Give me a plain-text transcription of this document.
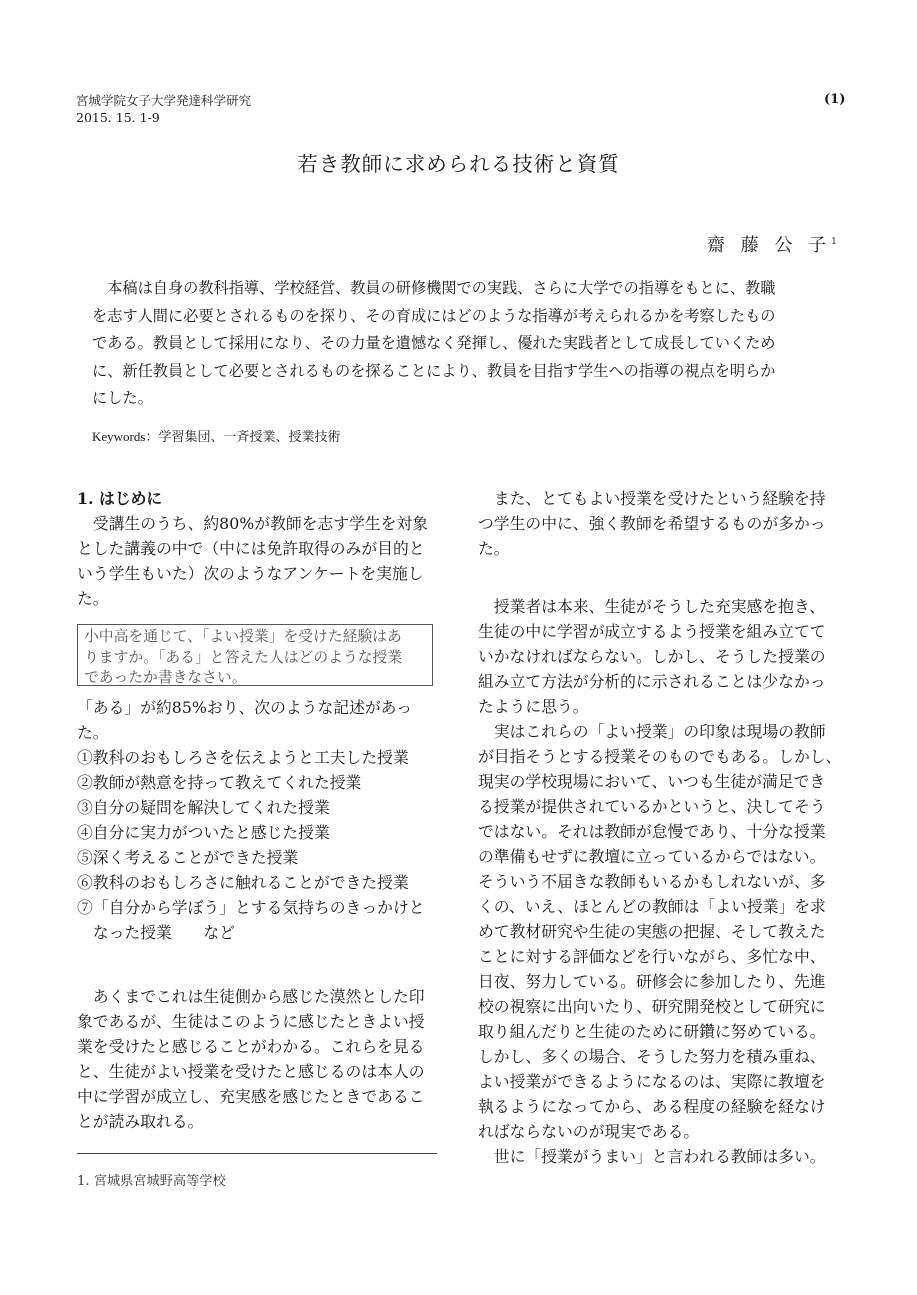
宮城学院女子大学発達科学研究
2015. 15. 1-9
(1)
若き教師に求められる技術と資質
齋 藤 公 子$^1$
　本稿は自身の教科指導、学校経営、教員の研修機関での実践、さらに大学での指導をもとに、教職
を志す人間に必要とされるものを探り、その育成にはどのような指導が考えられるかを考察したもの
である。教員として採用になり、その力量を遺憾なく発揮し、優れた実践者として成長していくため
に、新任教員として必要とされるものを探ることにより、教員を目指す学生への指導の視点を明らか
にした。
Keywords：学習集団、一斉授業、授業技術
1. はじめに
　受講生のうち、約80%が教師を志す学生を対象
とした講義の中で（中には免許取得のみが目的と
いう学生もいた）次のようなアンケートを実施し
た。
小中高を通じて、「よい授業」を受けた経験はあ
りますか。「ある」と答えた人はどのような授業
であったか書きなさい。
「ある」が約85%おり、次のような記述があっ
た。
①教科のおもしろさを伝えようと工夫した授業
②教師が熱意を持って教えてくれた授業
③自分の疑問を解決してくれた授業
④自分に実力がついたと感じた授業
⑤深く考えることができた授業
⑥教科のおもしろさに触れることができた授業
⑦「自分から学ぼう」とする気持ちのきっかけと
　なった授業　　など
　あくまでこれは生徒側から感じた漠然とした印
象であるが、生徒はこのように感じたときよい授
業を受けたと感じることがわかる。これらを見る
と、生徒がよい授業を受けたと感じるのは本人の
中に学習が成立し、充実感を感じたときであるこ
とが読み取れる。
1. 宮城県宮城野高等学校
　また、とてもよい授業を受けたという経験を持
つ学生の中に、強く教師を希望するものが多かっ
た。
　授業者は本来、生徒がそうした充実感を抱き、
生徒の中に学習が成立するよう授業を組み立てて
いかなければならない。しかし、そうした授業の
組み立て方法が分析的に示されることは少なかっ
たように思う。
　実はこれらの「よい授業」の印象は現場の教師
が目指そうとする授業そのものでもある。しかし、
現実の学校現場において、いつも生徒が満足でき
る授業が提供されているかというと、決してそう
ではない。それは教師が怠慢であり、十分な授業
の準備もせずに教壇に立っているからではない。
そういう不届きな教師もいるかもしれないが、多
くの、いえ、ほとんどの教師は「よい授業」を求
めて教材研究や生徒の実態の把握、そして教えた
ことに対する評価などを行いながら、多忙な中、
日夜、努力している。研修会に参加したり、先進
校の視察に出向いたり、研究開発校として研究に
取り組んだりと生徒のために研鑽に努めている。
しかし、多くの場合、そうした努力を積み重ね、
よい授業ができるようになるのは、実際に教壇を
執るようになってから、ある程度の経験を経なけ
ればならないのが現実である。
　世に「授業がうまい」と言われる教師は多い。
